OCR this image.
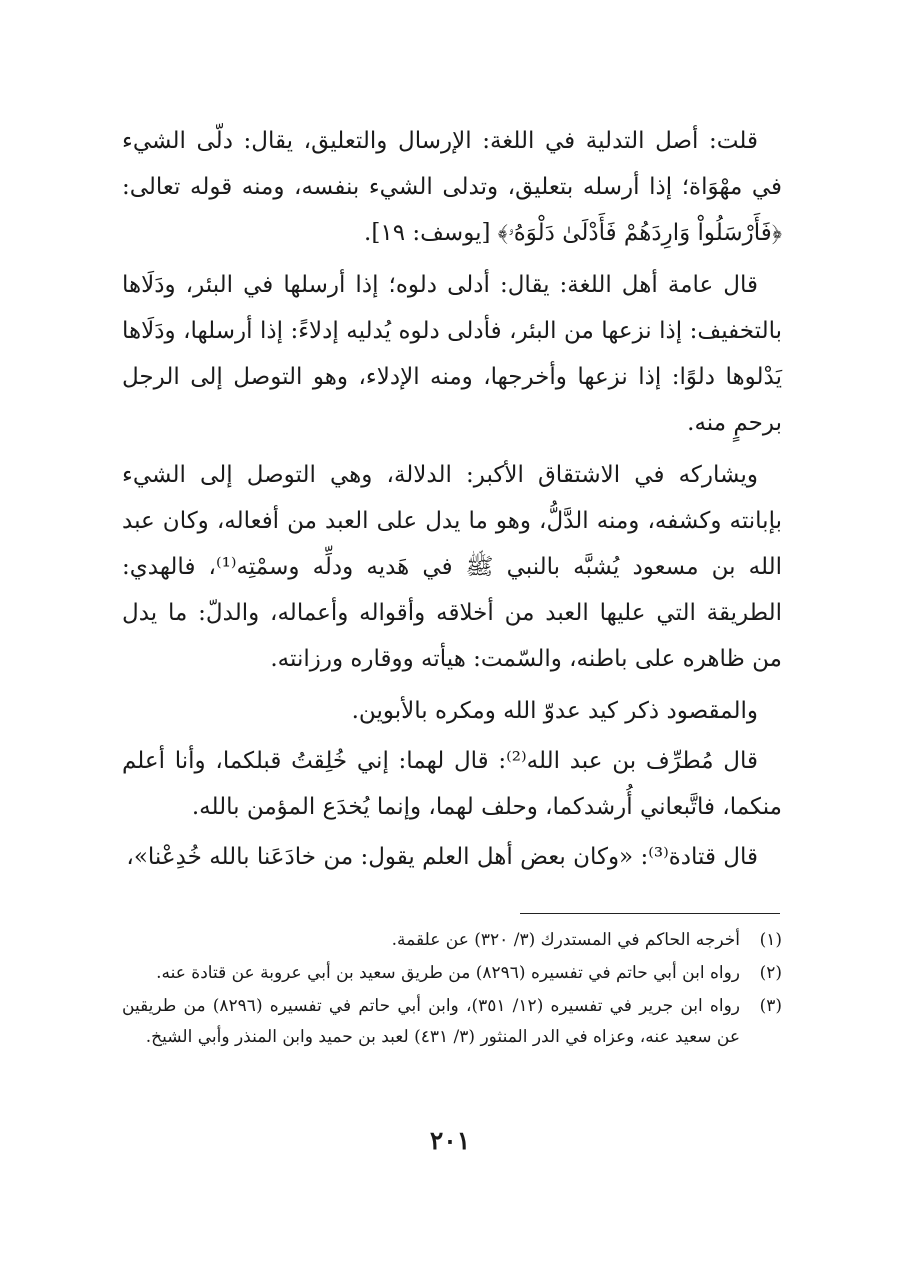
قلت: أصل التدلية في اللغة: الإرسال والتعليق، يقال: دلّى الشيء في مهْوَاة؛ إذا أرسله بتعليق، وتدلى الشيء بنفسه، ومنه قوله تعالى: ﴿فَأَرْسَلُواْ وَارِدَهُمْ فَأَدْلَىٰ دَلْوَهُۥ﴾ [يوسف: ١٩].

قال عامة أهل اللغة: يقال: أدلى دلوه؛ إذا أرسلها في البئر، ودَلَاها بالتخفيف: إذا نزعها من البئر، فأدلى دلوه يُدليه إدلاءً: إذا أرسلها، ودَلَاها يَدْلوها دلوًا: إذا نزعها وأخرجها، ومنه الإدلاء، وهو التوصل إلى الرجل برحمٍ منه.

ويشاركه في الاشتقاق الأكبر: الدلالة، وهي التوصل إلى الشيء بإبانته وكشفه، ومنه الدَّلُّ، وهو ما يدل على العبد من أفعاله، وكان عبد الله بن مسعود يُشبَّه بالنبي ﷺ في هَديه ودلِّه وسمْتِه⁽¹⁾، فالهدي: الطريقة التي عليها العبد من أخلاقه وأقواله وأعماله، والدلّ: ما يدل من ظاهره على باطنه، والسّمت: هيأته ووقاره ورزانته.

والمقصود ذكر كيد عدوّ الله ومكره بالأبوين.

قال مُطرِّف بن عبد الله⁽²⁾: قال لهما: إني خُلِقتُ قبلكما، وأنا أعلم منكما، فاتَّبعاني أُرشدكما، وحلف لهما، وإنما يُخدَع المؤمن بالله.

قال قتادة⁽³⁾: «وكان بعض أهل العلم يقول: من خادَعَنا بالله خُدِعْنا»،

(١)
أخرجه الحاكم في المستدرك (٣/ ٣٢٠) عن علقمة.
(٢)
رواه ابن أبي حاتم في تفسيره (٨٢٩٦) من طريق سعيد بن أبي عروبة عن قتادة عنه.
(٣)
رواه ابن جرير في تفسيره (١٢/ ٣٥١)، وابن أبي حاتم في تفسيره (٨٢٩٦) من طريقين عن سعيد عنه، وعزاه في الدر المنثور (٣/ ٤٣١) لعبد بن حميد وابن المنذر وأبي الشيخ.
٢٠١
